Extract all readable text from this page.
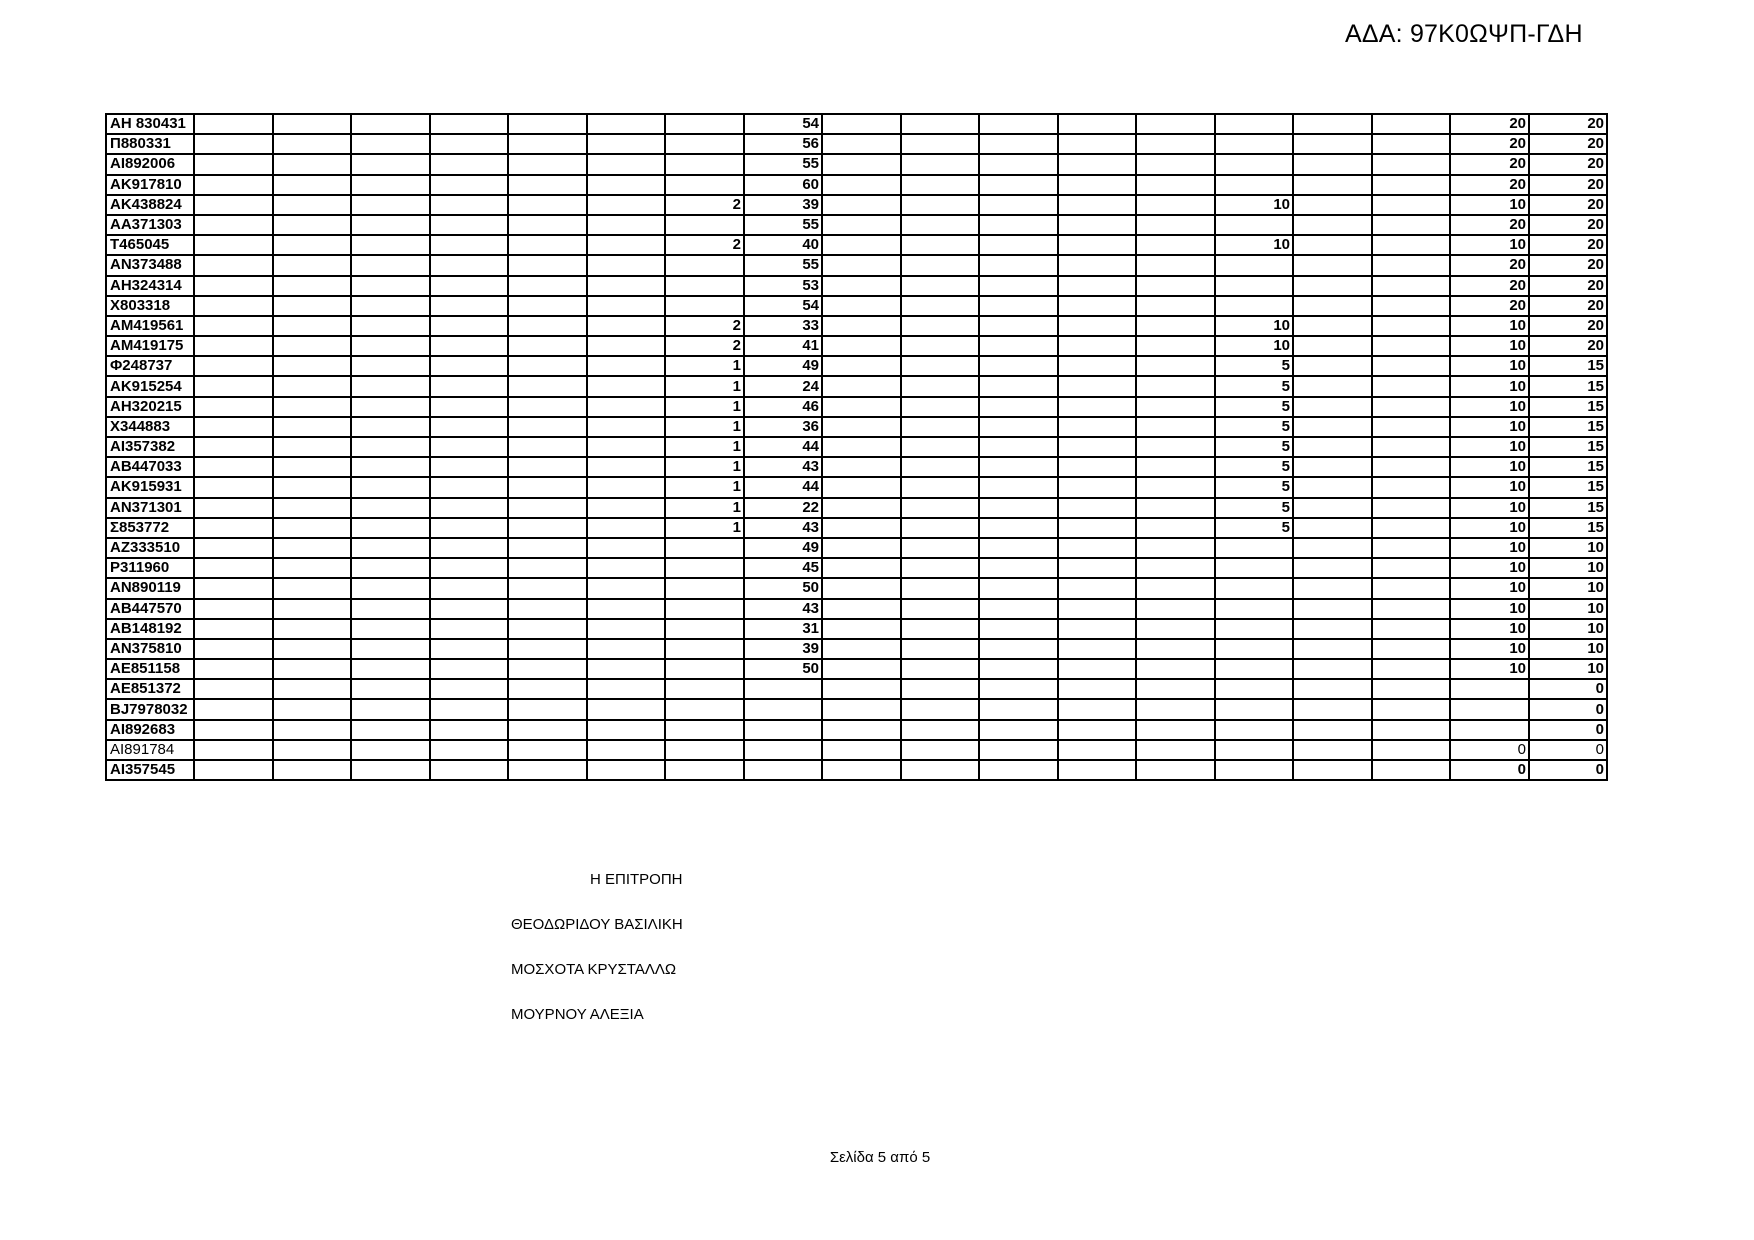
ΑΔΑ: 97Κ0ΩΨΠ-ΓΔΗ
AH 830431								54									20	20
Π880331								56									20	20
AI892006								55									20	20
AK917810								60									20	20
AK438824							2	39						10			10	20
AA371303								55									20	20
T465045							2	40						10			10	20
AN373488								55									20	20
AH324314								53									20	20
X803318								54									20	20
AM419561							2	33						10			10	20
AM419175							2	41						10			10	20
Φ248737							1	49						5			10	15
AK915254							1	24						5			10	15
AH320215							1	46						5			10	15
X344883							1	36						5			10	15
AI357382							1	44						5			10	15
AB447033							1	43						5			10	15
AK915931							1	44						5			10	15
AN371301							1	22						5			10	15
Σ853772							1	43						5			10	15
AZ333510								49									10	10
P311960								45									10	10
AN890119								50									10	10
AB447570								43									10	10
AB148192								31									10	10
AN375810								39									10	10
AE851158								50									10	10
AE851372																		0
BJ7978032																		0
AI892683																		0
AI891784																	0	0
AI357545																	0	0
Η ΕΠΙΤΡΟΠΗ
ΘΕΟΔΩΡΙΔΟΥ ΒΑΣΙΛΙΚΗ
ΜΟΣΧΟΤΑ ΚΡΥΣΤΑΛΛΩ
ΜΟΥΡΝΟΥ ΑΛΕΞΙΑ
Σελίδα 5 από 5
